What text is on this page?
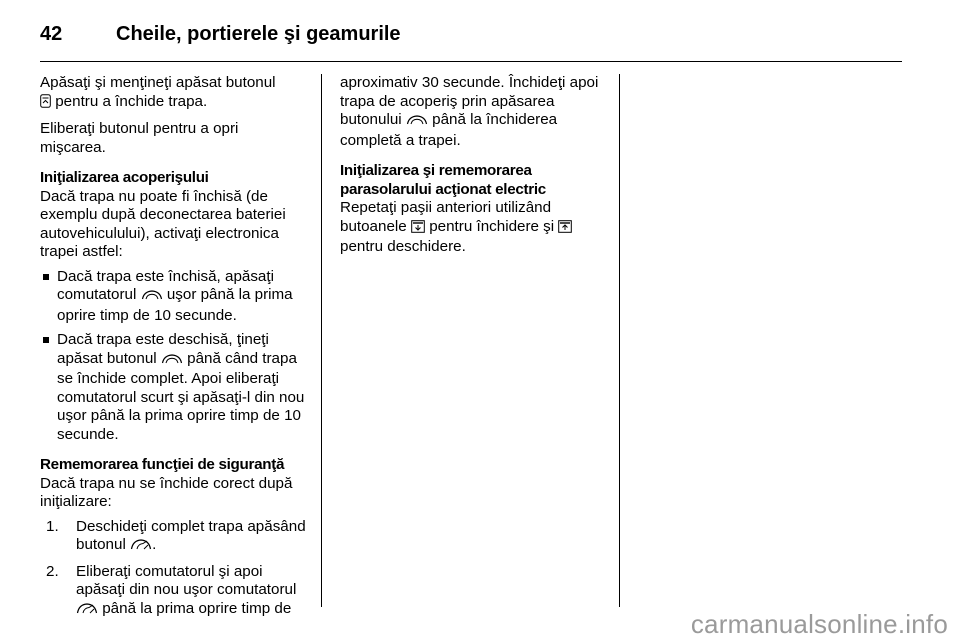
42	Cheile, portierele şi geamurile

Apăsaţi şi menţineţi apăsat butonul
pentru a închide trapa.

Eliberaţi butonul pentru a opri mişcarea.

Iniţializarea acoperişului

Dacă trapa nu poate fi închisă (de exemplu după deconectarea bateriei autovehiculului), activaţi electronica trapei astfel:

Dacă trapa este închisă, apăsaţi comutatorul uşor până la prima oprire timp de 10 secunde.
Dacă trapa este deschisă, ţineţi apăsat butonul până când trapa se închide complet. Apoi eliberaţi comutatorul scurt şi apăsaţi-l din nou uşor până la prima oprire timp de 10 secunde.

Rememorarea funcţiei de siguranţă

Dacă trapa nu se închide corect după iniţializare:

1. Deschideţi complet trapa apăsând butonul .
2. Eliberaţi comutatorul şi apoi apăsaţi din nou uşor comutatorul
până la prima oprire timp de

aproximativ 30 secunde. Închideţi apoi trapa de acoperiş prin apăsarea butonului până la închiderea completă a trapei.

Iniţializarea şi rememorarea parasolarului acţionat electric

Repetaţi paşii anteriori utilizând butoanele pentru închidere şi
pentru deschidere.

carmanualsonline.info
